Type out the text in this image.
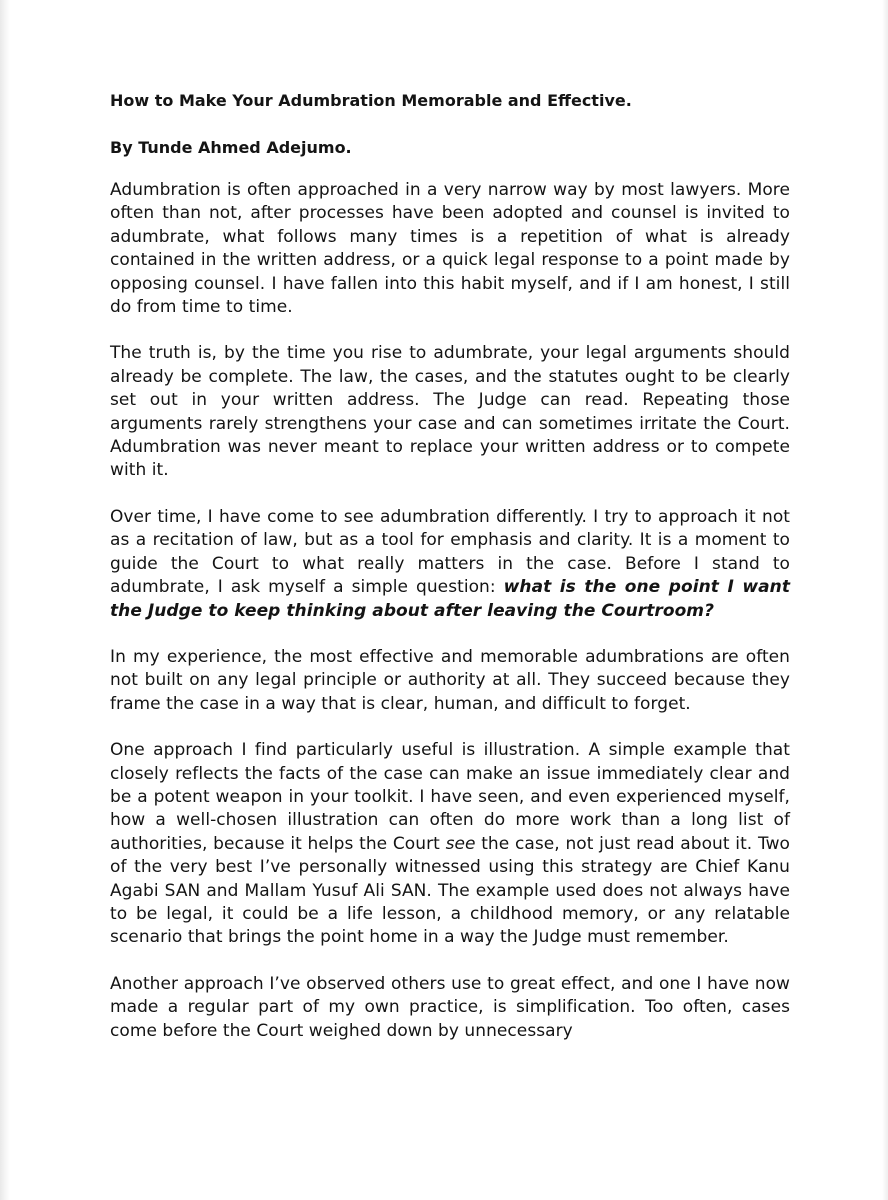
How to Make Your Adumbration Memorable and Effective.

By Tunde Ahmed Adejumo.

Adumbration is often approached in a very narrow way by most lawyers. More often than not, after processes have been adopted and counsel is invited to adumbrate, what follows many times is a repetition of what is already contained in the written address, or a quick legal response to a point made by opposing counsel. I have fallen into this habit myself, and if I am honest, I still do from time to time.

The truth is, by the time you rise to adumbrate, your legal arguments should already be complete. The law, the cases, and the statutes ought to be clearly set out in your written address. The Judge can read. Repeating those arguments rarely strengthens your case and can sometimes irritate the Court. Adumbration was never meant to replace your written address or to compete with it.

Over time, I have come to see adumbration differently. I try to approach it not as a recitation of law, but as a tool for emphasis and clarity. It is a moment to guide the Court to what really matters in the case. Before I stand to adumbrate, I ask myself a simple question: what is the one point I want the Judge to keep thinking about after leaving the Courtroom?

In my experience, the most effective and memorable adumbrations are often not built on any legal principle or authority at all. They succeed because they frame the case in a way that is clear, human, and difficult to forget.

One approach I find particularly useful is illustration. A simple example that closely reflects the facts of the case can make an issue immediately clear and be a potent weapon in your toolkit. I have seen, and even experienced myself, how a well-chosen illustration can often do more work than a long list of authorities, because it helps the Court see the case, not just read about it. Two of the very best I’ve personally witnessed using this strategy are Chief Kanu Agabi SAN and Mallam Yusuf Ali SAN. The example used does not always have to be legal, it could be a life lesson, a childhood memory, or any relatable scenario that brings the point home in a way the Judge must remember.

Another approach I’ve observed others use to great effect, and one I have now made a regular part of my own practice, is simplification. Too often, cases come before the Court weighed down by unnecessary
